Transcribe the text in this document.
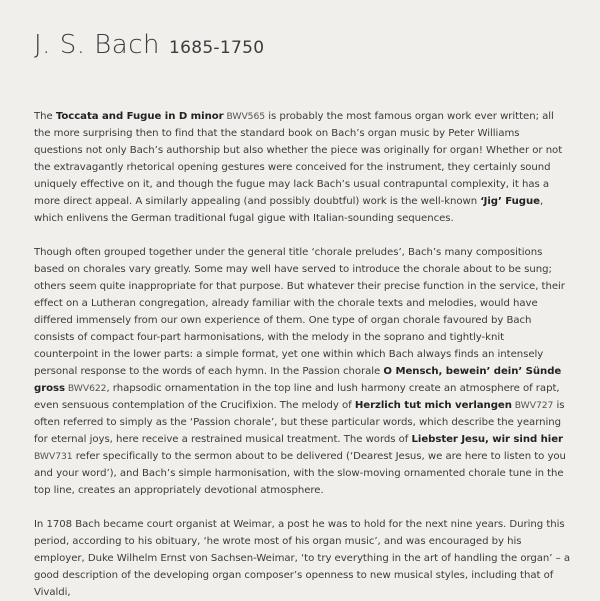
J. S. Bach 1685-1750

The Toccata and Fugue in D minor BWV565 is probably the most famous organ work ever written; all the more surprising then to find that the standard book on Bach’s organ music by Peter Williams questions not only Bach’s authorship but also whether the piece was originally for organ! Whether or not the extravagantly rhetorical opening gestures were conceived for the instrument, they certainly sound uniquely effective on it, and though the fugue may lack Bach’s usual contrapuntal complexity, it has a more direct appeal. A similarly appealing (and possibly doubtful) work is the well-known ‘Jig’ Fugue, which enlivens the German traditional fugal gigue with Italian-sounding sequences.

Though often grouped together under the general title ‘chorale preludes’, Bach’s many compositions based on chorales vary greatly. Some may well have served to introduce the chorale about to be sung; others seem quite inappropriate for that purpose. But whatever their precise function in the service, their effect on a Lutheran congregation, already familiar with the chorale texts and melodies, would have differed immensely from our own experience of them. One type of organ chorale favoured by Bach consists of compact four-part harmonisations, with the melody in the soprano and tightly-knit counterpoint in the lower parts: a simple format, yet one within which Bach always finds an intensely personal response to the words of each hymn. In the Passion chorale O Mensch, bewein’ dein’ Sünde gross BWV622, rhapsodic ornamentation in the top line and lush harmony create an atmosphere of rapt, even sensuous contemplation of the Crucifixion. The melody of Herzlich tut mich verlangen BWV727 is often referred to simply as the ‘Passion chorale’, but these particular words, which describe the yearning for eternal joys, here receive a restrained musical treatment. The words of Liebster Jesu, wir sind hier BWV731 refer specifically to the sermon about to be delivered (‘Dearest Jesus, we are here to listen to you and your word’), and Bach’s simple harmonisation, with the slow-moving ornamented chorale tune in the top line, creates an appropriately devotional atmosphere.

In 1708 Bach became court organist at Weimar, a post he was to hold for the next nine years. During this period, according to his obituary, ‘he wrote most of his organ music’, and was encouraged by his employer, Duke Wilhelm Ernst von Sachsen-Weimar, ‘to try everything in the art of handling the organ’ – a good description of the developing organ composer’s openness to new musical styles, including that of Vivaldi,
